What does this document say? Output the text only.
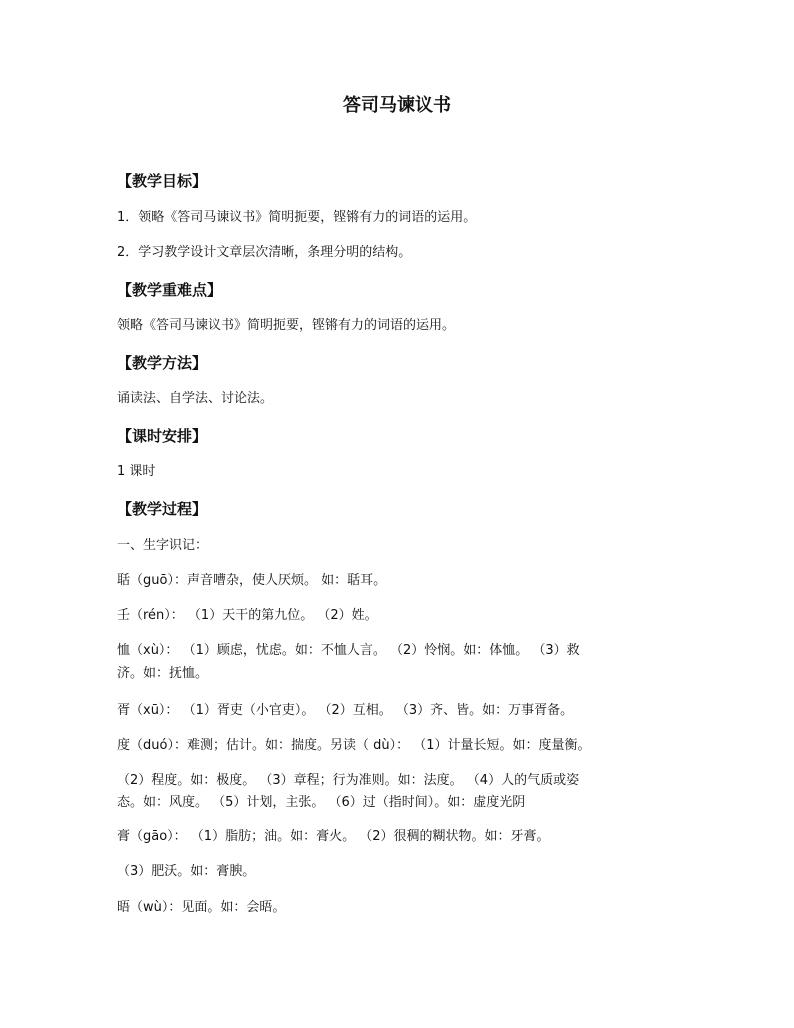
答司马谏议书
【教学目标】
1．领略《答司马谏议书》简明扼要，铿锵有力的词语的运用。
2．学习教学设计文章层次清晰，条理分明的结构。
【教学重难点】
领略《答司马谏议书》简明扼要，铿锵有力的词语的运用。
【教学方法】
诵读法、自学法、讨论法。
【课时安排】
1 课时
【教学过程】
一、生字识记：
聒（guō）：声音嘈杂，使人厌烦。 如：聒耳。
壬（rén）： （1）天干的第九位。 （2）姓。
恤（xù）： （1）顾虑，忧虑。如：不恤人言。 （2）怜悯。如：体恤。 （3）救
济。如：抚恤。
胥（xū）： （1）胥吏（小官吏）。 （2）互相。 （3）齐、皆。如：万事胥备。
度（duó）：难测；估计。如：揣度。另读（ dù）： （1）计量长短。如：度量衡。
（2）程度。如：极度。 （3）章程；行为准则。如：法度。 （4）人的气质或姿
态。如：风度。 （5）计划，主张。 （6）过（指时间）。如：虚度光阴
膏（gāo）： （1）脂肪；油。如：膏火。 （2）很稠的糊状物。如：牙膏。
（3）肥沃。如：膏腴。
晤（wù）：见面。如：会晤。
